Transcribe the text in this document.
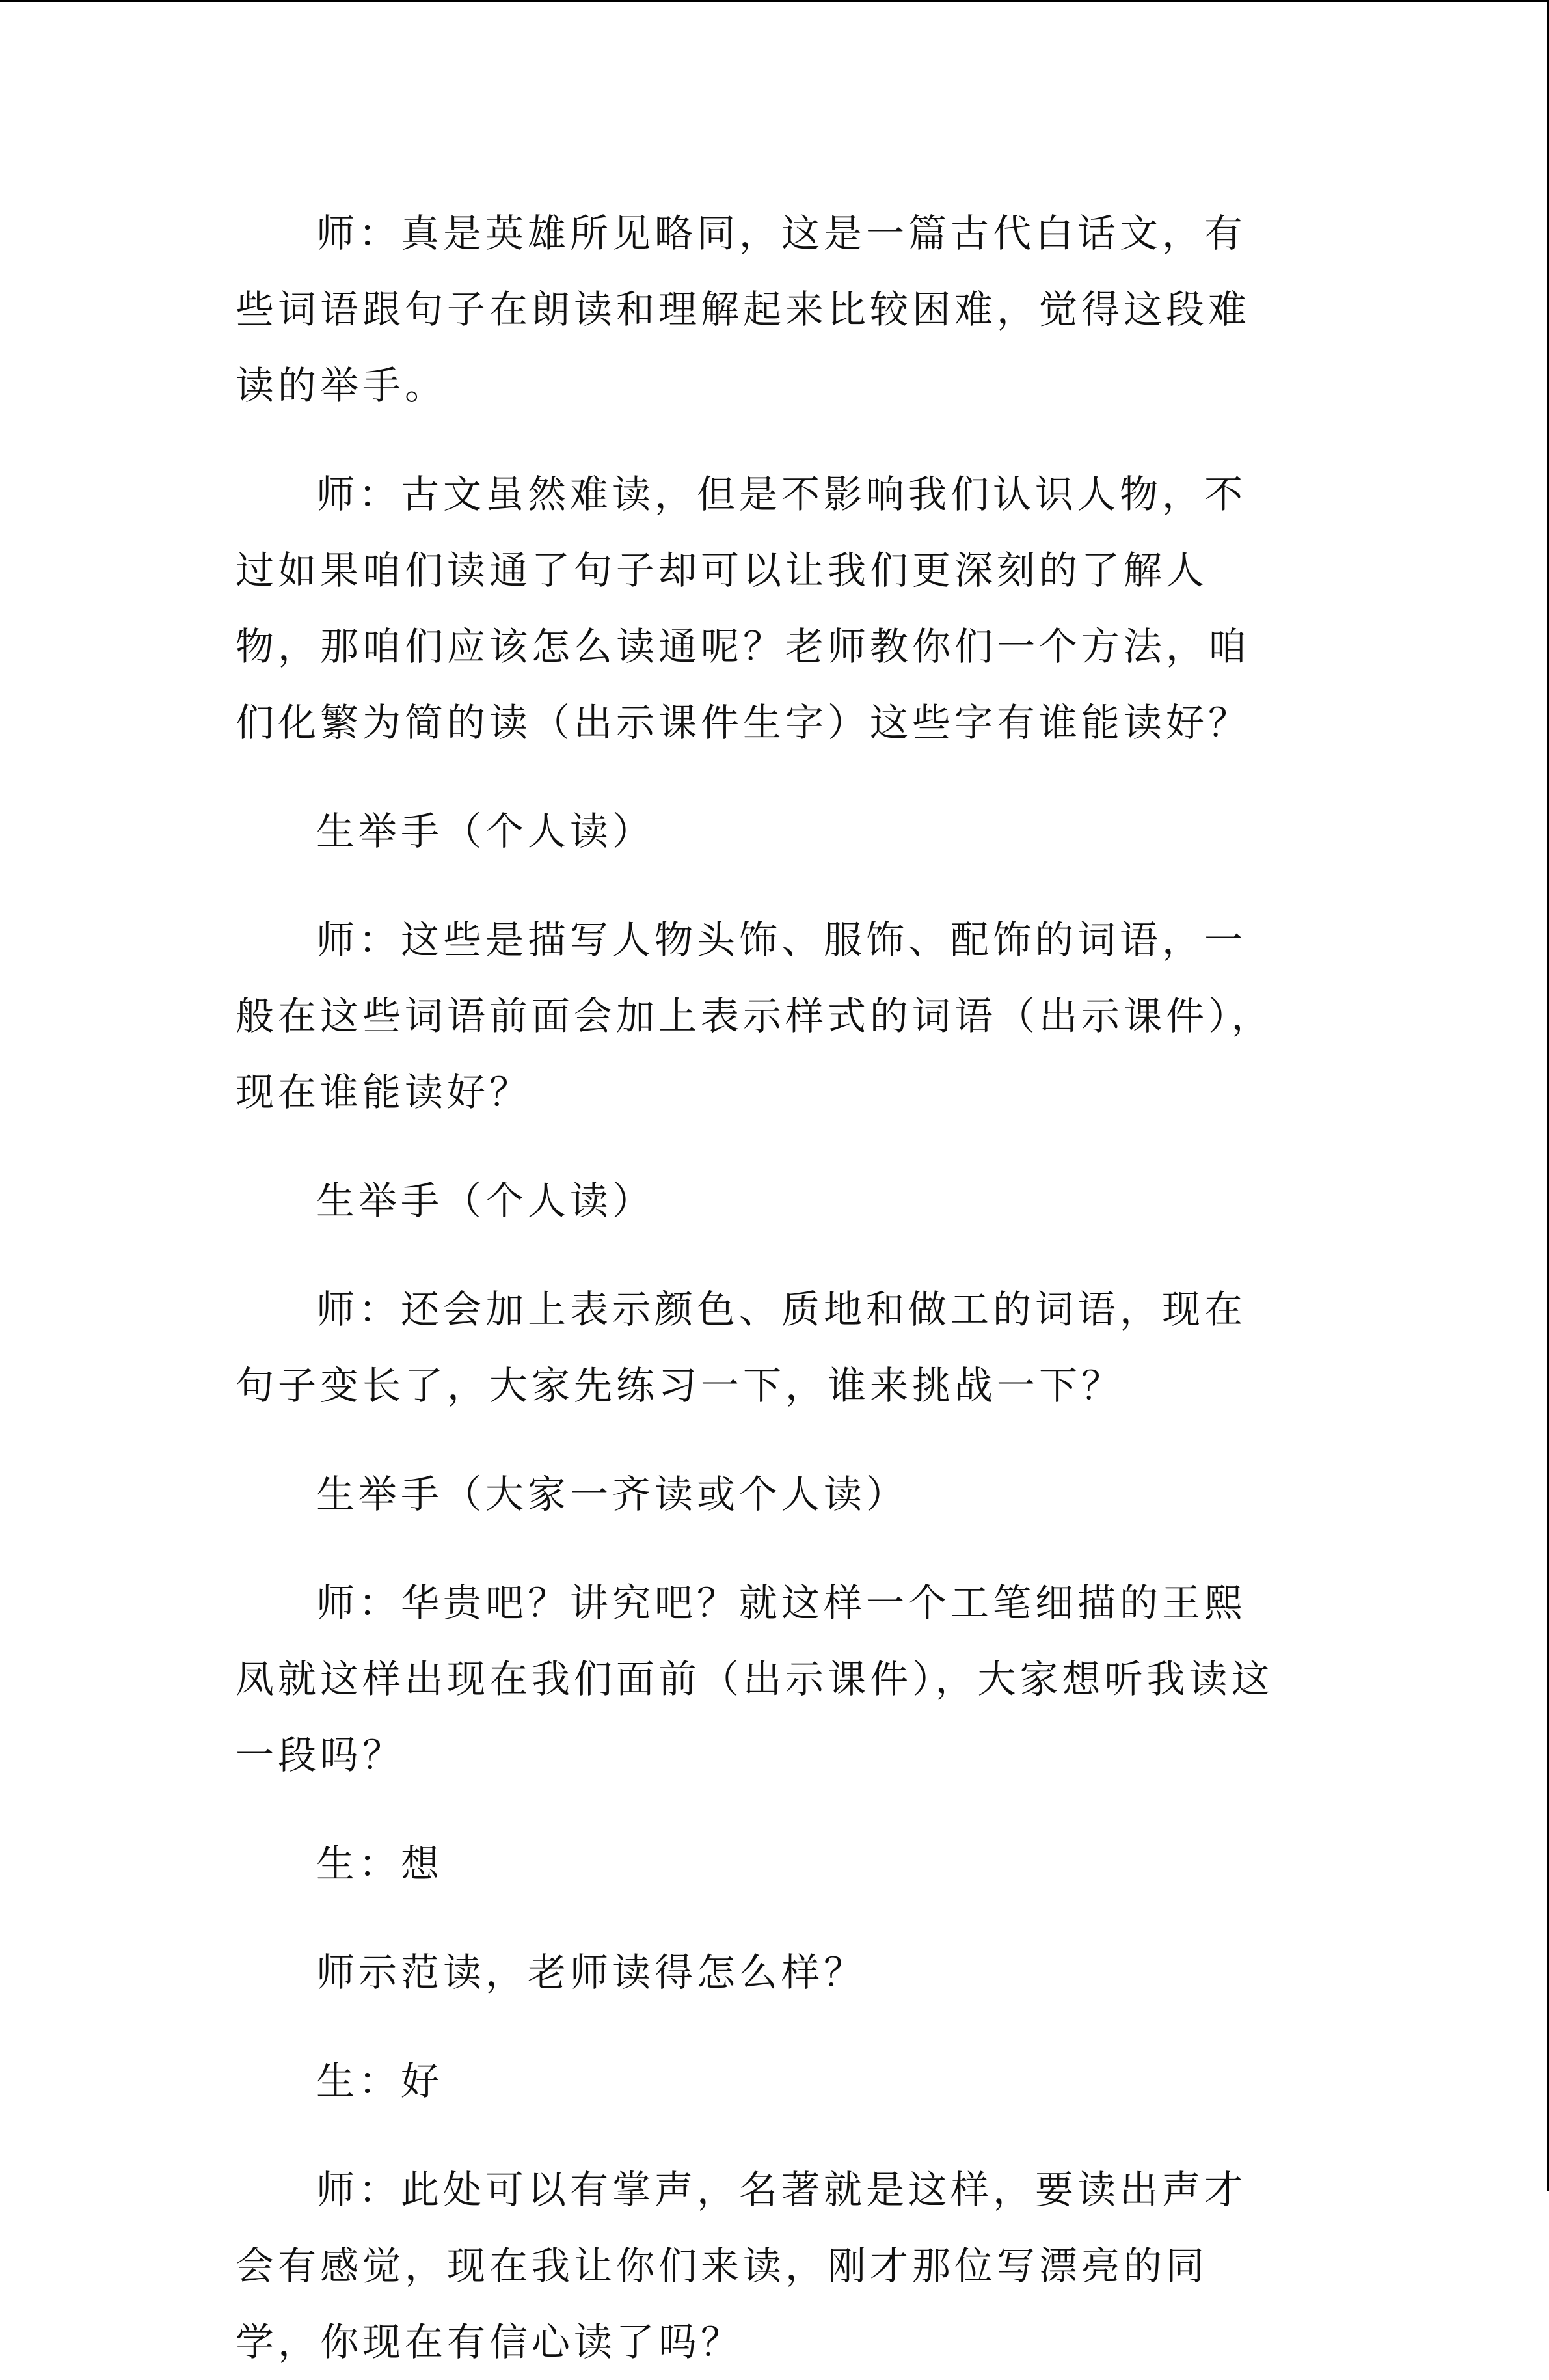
师：真是英雄所见略同，这是一篇古代白话文，有些词语跟句子在朗读和理解起来比较困难，觉得这段难读的举手。

师：古文虽然难读，但是不影响我们认识人物，不过如果咱们读通了句子却可以让我们更深刻的了解人物，那咱们应该怎么读通呢？老师教你们一个方法，咱们化繁为简的读（出示课件生字）这些字有谁能读好？

生举手（个人读）

师：这些是描写人物头饰、服饰、配饰的词语，一般在这些词语前面会加上表示样式的词语（出示课件），现在谁能读好？

生举手（个人读）

师：还会加上表示颜色、质地和做工的词语，现在句子变长了，大家先练习一下，谁来挑战一下？

生举手（大家一齐读或个人读）

师：华贵吧？讲究吧？就这样一个工笔细描的王熙凤就这样出现在我们面前（出示课件），大家想听我读这一段吗？

生：想

师示范读，老师读得怎么样？

生：好

师：此处可以有掌声，名著就是这样，要读出声才会有感觉，现在我让你们来读，刚才那位写漂亮的同学，你现在有信心读了吗？
